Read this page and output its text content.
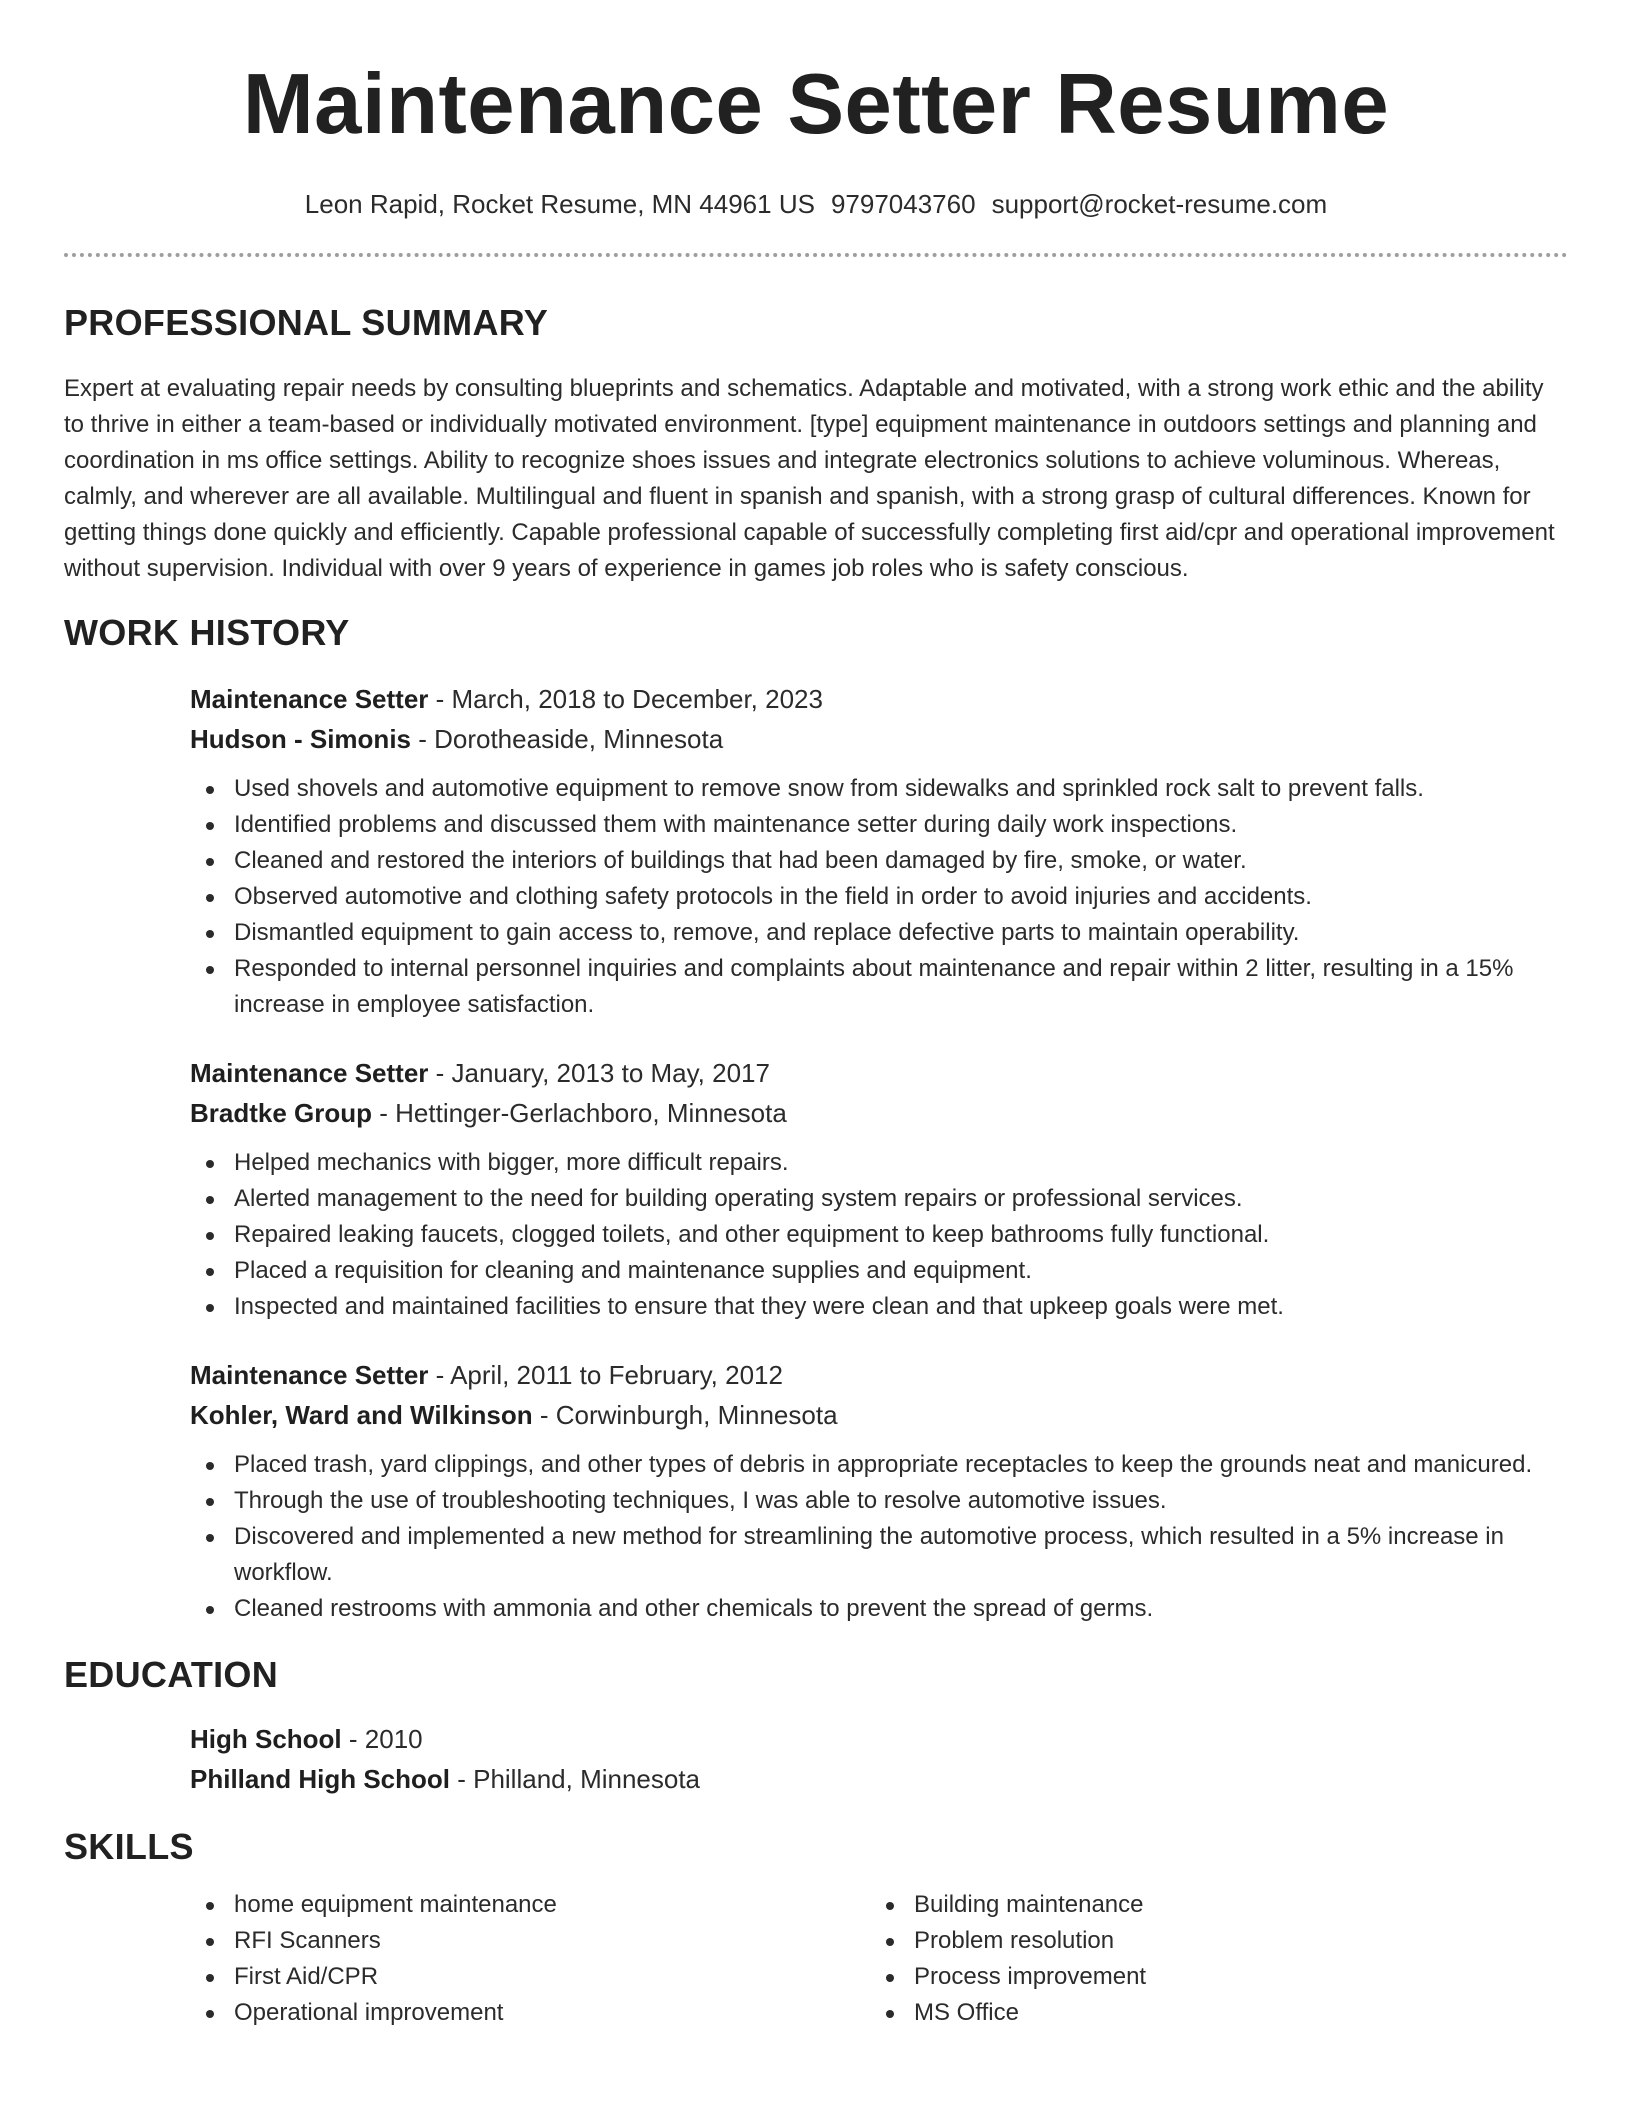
Maintenance Setter Resume
Leon Rapid, Rocket Resume, MN 44961 US 9797043760 support@rocket-resume.com
PROFESSIONAL SUMMARY

Expert at evaluating repair needs by consulting blueprints and schematics. Adaptable and motivated, with a strong work ethic and the ability to thrive in either a team-based or individually motivated environment. [type] equipment maintenance in outdoors settings and planning and coordination in ms office settings. Ability to recognize shoes issues and integrate electronics solutions to achieve voluminous. Whereas, calmly, and wherever are all available. Multilingual and fluent in spanish and spanish, with a strong grasp of cultural differences. Known for getting things done quickly and efficiently. Capable professional capable of successfully completing first aid/cpr and operational improvement without supervision. Individual with over 9 years of experience in games job roles who is safety conscious.

WORK HISTORY
Maintenance Setter - March, 2018 to December, 2023
Hudson - Simonis - Dorotheaside, Minnesota
Used shovels and automotive equipment to remove snow from sidewalks and sprinkled rock salt to prevent falls.
Identified problems and discussed them with maintenance setter during daily work inspections.
Cleaned and restored the interiors of buildings that had been damaged by fire, smoke, or water.
Observed automotive and clothing safety protocols in the field in order to avoid injuries and accidents.
Dismantled equipment to gain access to, remove, and replace defective parts to maintain operability.
Responded to internal personnel inquiries and complaints about maintenance and repair within 2 litter, resulting in a 15% increase in employee satisfaction.
Maintenance Setter - January, 2013 to May, 2017
Bradtke Group - Hettinger-Gerlachboro, Minnesota
Helped mechanics with bigger, more difficult repairs.
Alerted management to the need for building operating system repairs or professional services.
Repaired leaking faucets, clogged toilets, and other equipment to keep bathrooms fully functional.
Placed a requisition for cleaning and maintenance supplies and equipment.
Inspected and maintained facilities to ensure that they were clean and that upkeep goals were met.
Maintenance Setter - April, 2011 to February, 2012
Kohler, Ward and Wilkinson - Corwinburgh, Minnesota
Placed trash, yard clippings, and other types of debris in appropriate receptacles to keep the grounds neat and manicured.
Through the use of troubleshooting techniques, I was able to resolve automotive issues.
Discovered and implemented a new method for streamlining the automotive process, which resulted in a 5% increase in workflow.
Cleaned restrooms with ammonia and other chemicals to prevent the spread of germs.
EDUCATION
High School - 2010
Philland High School - Philland, Minnesota
SKILLS
home equipment maintenance
RFI Scanners
First Aid/CPR
Operational improvement
Building maintenance
Problem resolution
Process improvement
MS Office
